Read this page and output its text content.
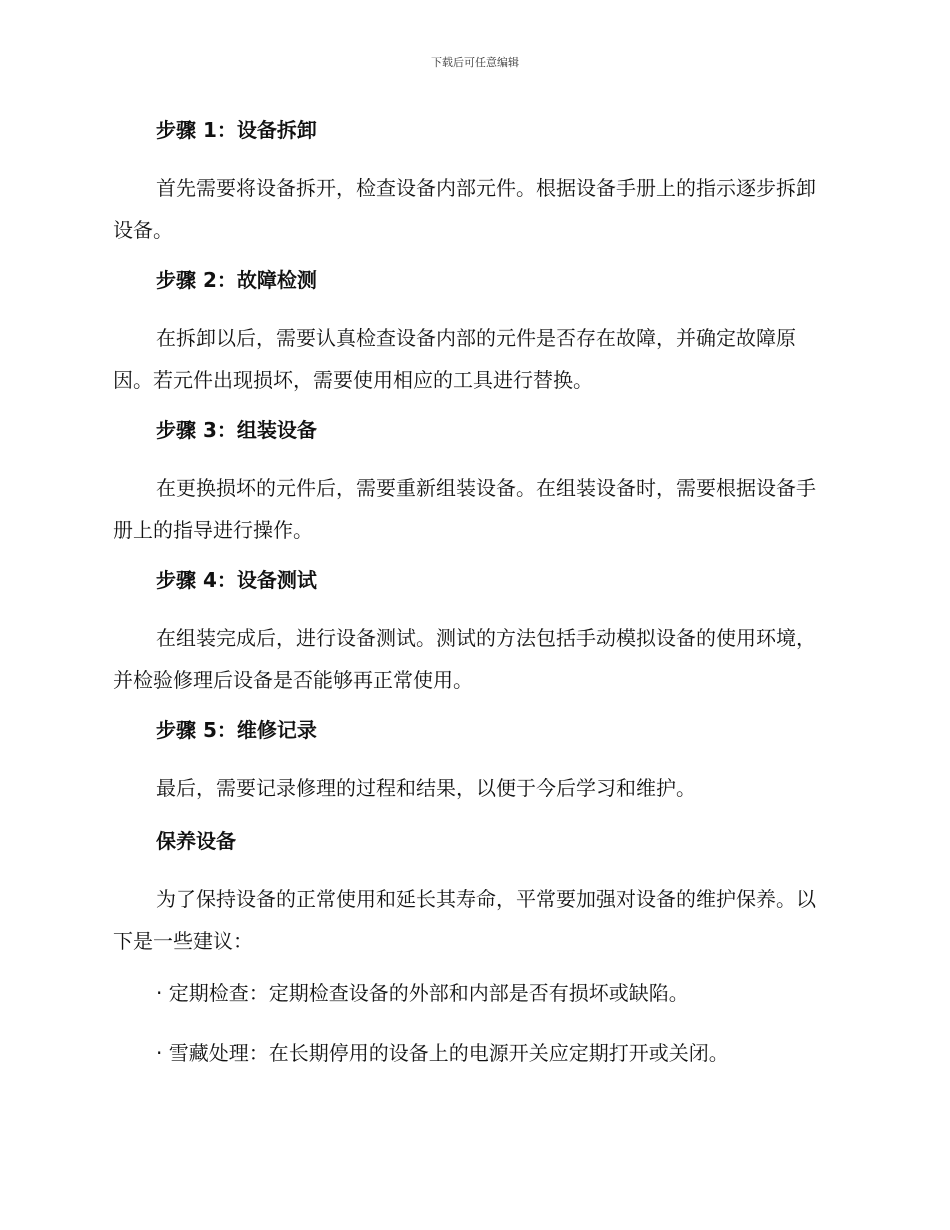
下载后可任意编辑
步骤 1：设备拆卸
首先需要将设备拆开，检查设备内部元件。根据设备手册上的指示逐步拆卸设备。
步骤 2：故障检测
在拆卸以后，需要认真检查设备内部的元件是否存在故障，并确定故障原因。若元件出现损坏，需要使用相应的工具进行替换。
步骤 3：组装设备
在更换损坏的元件后，需要重新组装设备。在组装设备时，需要根据设备手册上的指导进行操作。
步骤 4：设备测试
在组装完成后，进行设备测试。测试的方法包括手动模拟设备的使用环境，并检验修理后设备是否能够再正常使用。
步骤 5：维修记录
最后，需要记录修理的过程和结果，以便于今后学习和维护。
保养设备
为了保持设备的正常使用和延长其寿命，平常要加强对设备的维护保养。以下是一些建议：
· 定期检查：定期检查设备的外部和内部是否有损坏或缺陷。
· 雪藏处理：在长期停用的设备上的电源开关应定期打开或关闭。
